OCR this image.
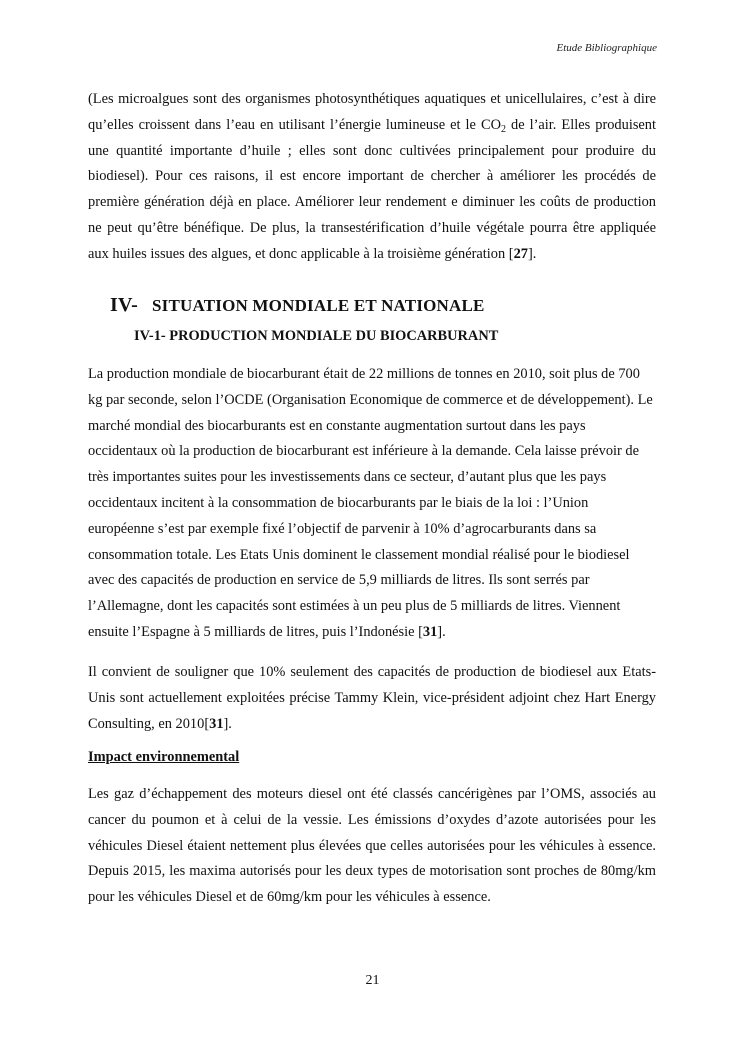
Etude Bibliographique

(Les microalgues sont des organismes photosynthétiques aquatiques et unicellulaires, c’est à dire qu’elles croissent dans l’eau en utilisant l’énergie lumineuse et le $CO_2$ de l’air. Elles produisent une quantité importante d’huile ; elles sont donc cultivées principalement pour produire du biodiesel). Pour ces raisons, il est encore important de chercher à améliorer les procédés de première génération déjà en place. Améliorer leur rendement e diminuer les coûts de production ne peut qu’être bénéfique. De plus, la transestérification d’huile végétale pourra être appliquée aux huiles issues des algues, et donc applicable à la troisième génération [27].

IV- SITUATION MONDIALE ET NATIONALE
IV-1- PRODUCTION MONDIALE DU BIOCARBURANT

La production mondiale de biocarburant était de 22 millions de tonnes en 2010, soit plus de 700 kg par seconde, selon l’OCDE (Organisation Economique de commerce et de développement). Le marché mondial des biocarburants est en constante augmentation surtout dans les pays occidentaux où la production de biocarburant est inférieure à la demande. Cela laisse prévoir de très importantes suites pour les investissements dans ce secteur, d’autant plus que les pays occidentaux incitent à la consommation de biocarburants par le biais de la loi : l’Union européenne s’est par exemple fixé l’objectif de parvenir à 10% d’agrocarburants dans sa consommation totale. Les Etats Unis dominent le classement mondial réalisé pour le biodiesel avec des capacités de production en service de 5,9 milliards de litres. Ils sont serrés par l’Allemagne, dont les capacités sont estimées à un peu plus de 5 milliards de litres. Viennent ensuite l’Espagne à 5 milliards de litres, puis l’Indonésie [31].

Il convient de souligner que 10% seulement des capacités de production de biodiesel aux Etats-Unis sont actuellement exploitées précise Tammy Klein, vice-président adjoint chez Hart Energy Consulting, en 2010[31].

Impact environnemental

Les gaz d’échappement des moteurs diesel ont été classés cancérigènes par l’OMS, associés au cancer du poumon et à celui de la vessie. Les émissions d’oxydes d’azote autorisées pour les véhicules Diesel étaient nettement plus élevées que celles autorisées pour les véhicules à essence. Depuis 2015, les maxima autorisés pour les deux types de motorisation sont proches de 80mg/km pour les véhicules Diesel et de 60mg/km pour les véhicules à essence.

21
